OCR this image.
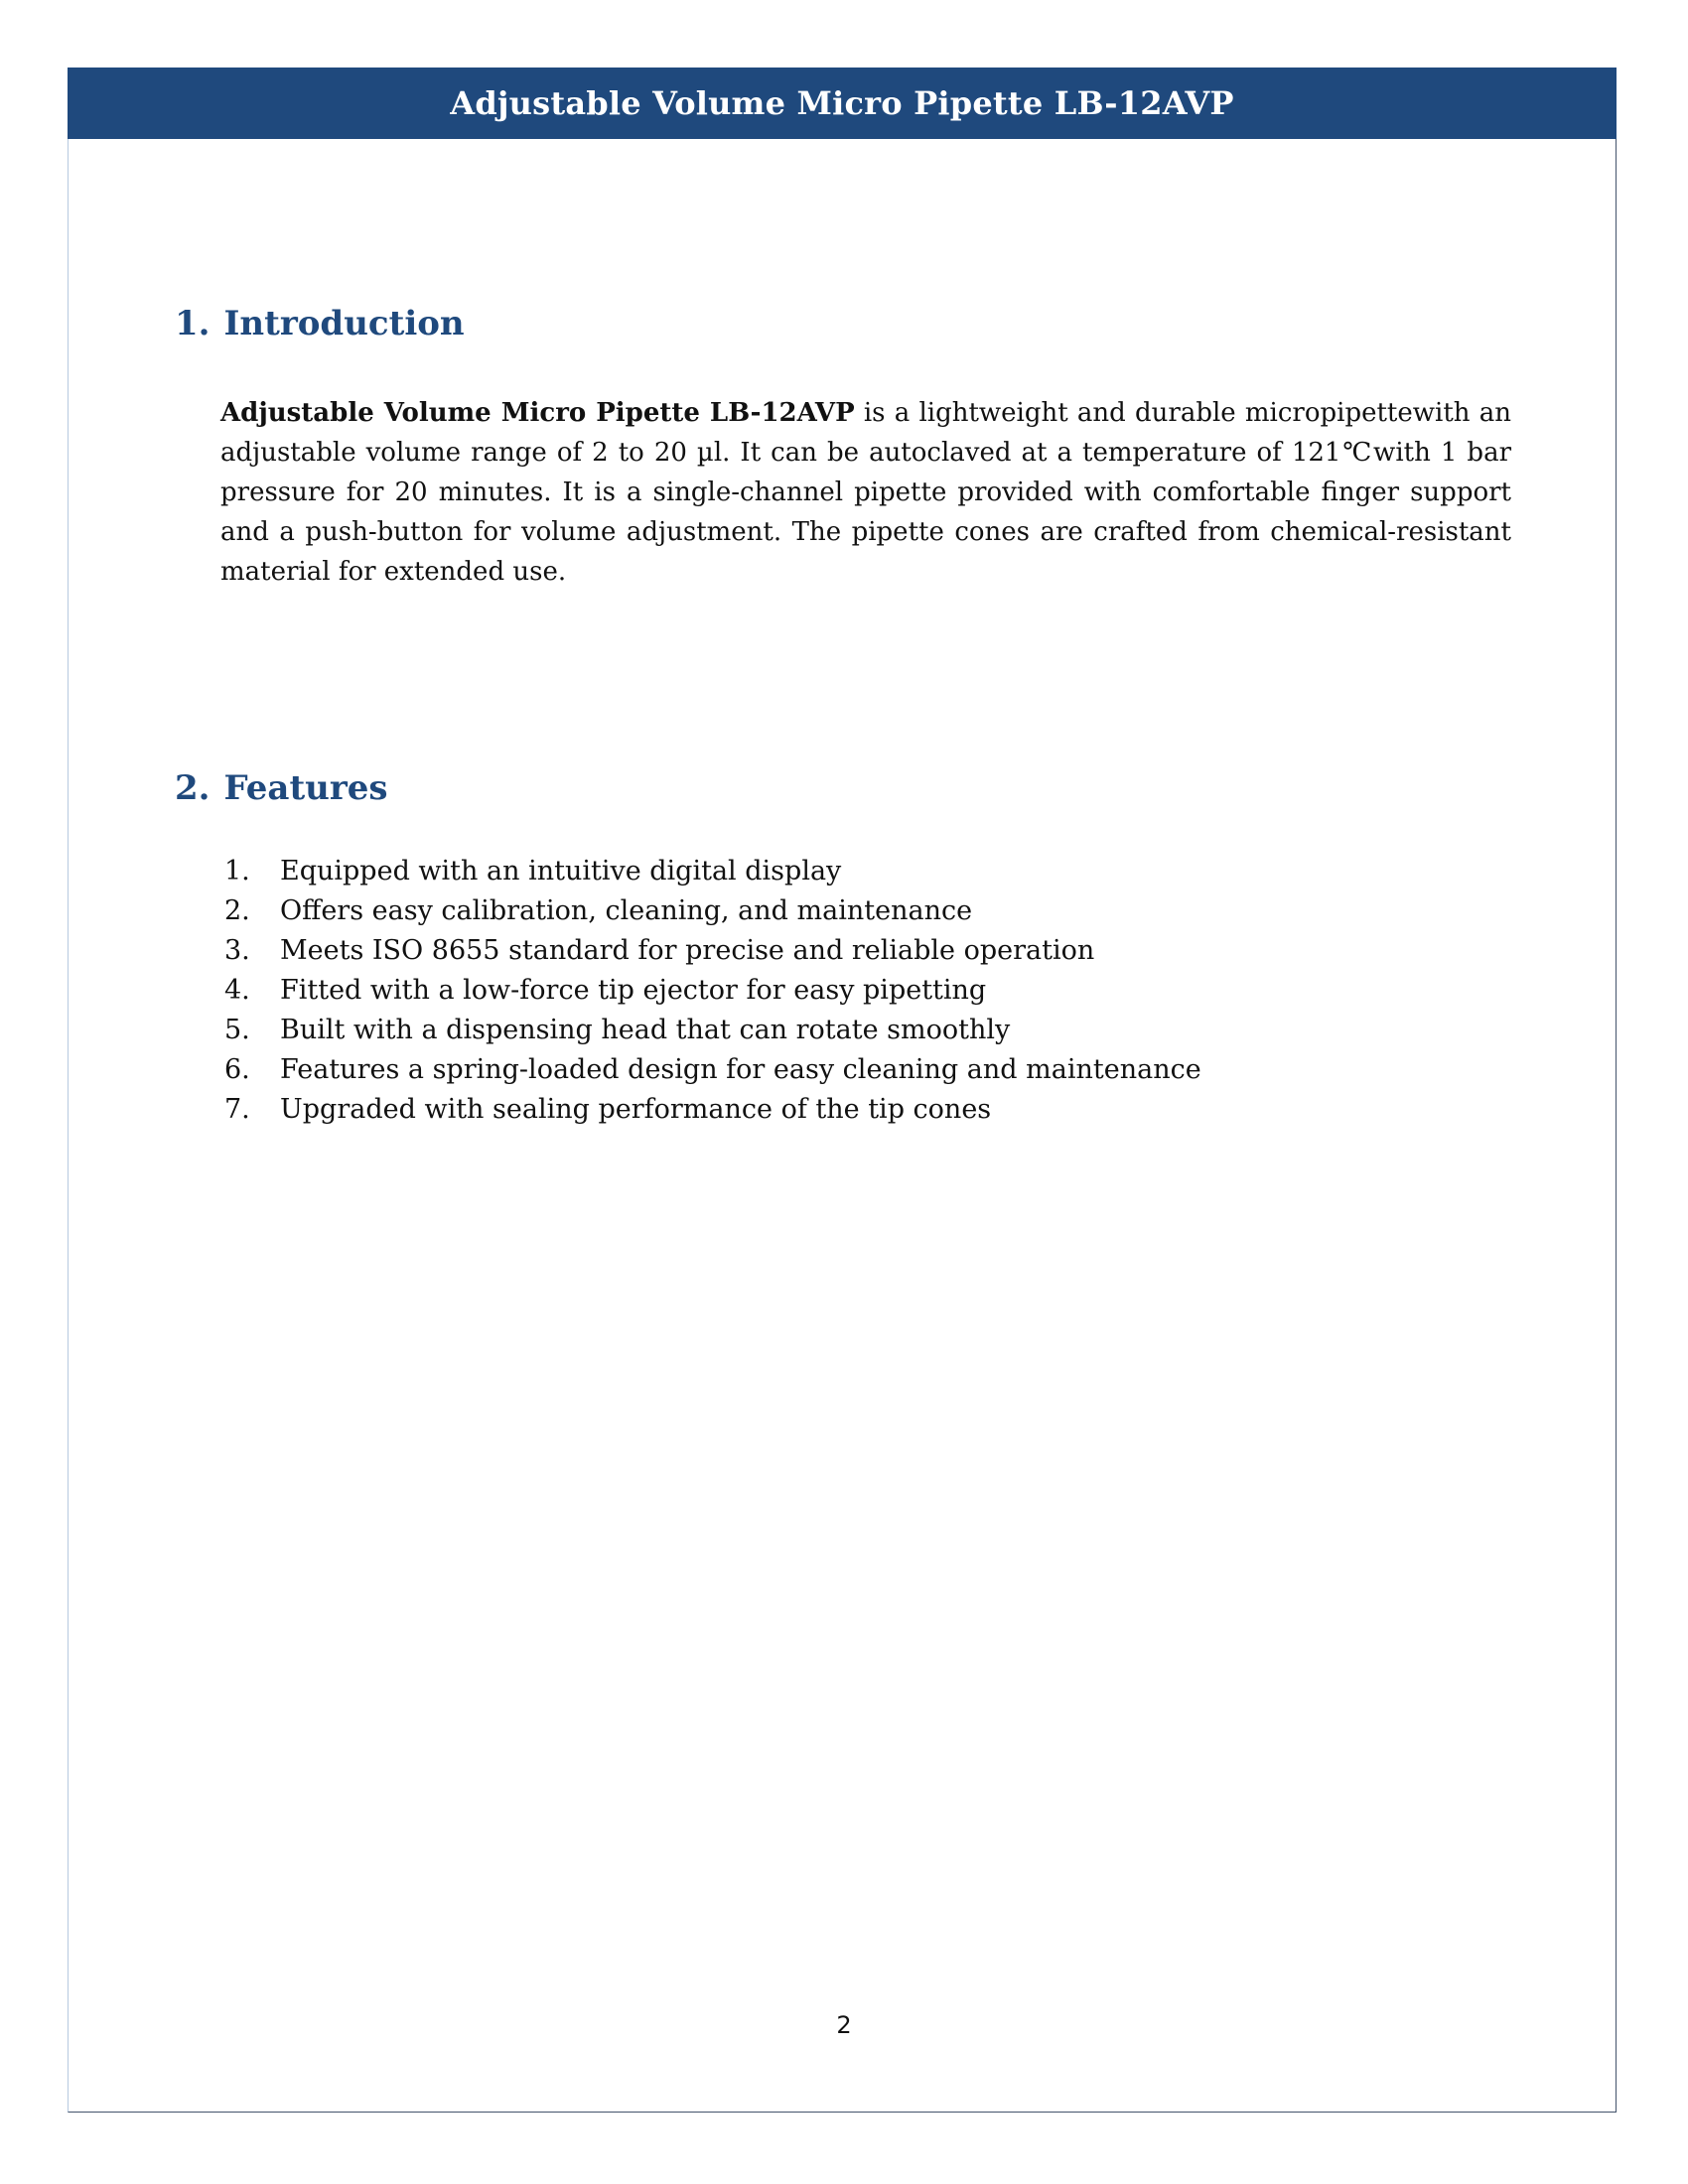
Adjustable Volume Micro Pipette LB-12AVP
1. Introduction

Adjustable Volume Micro Pipette LB-12AVP is a lightweight and durable micropipettewith an adjustable volume range of 2 to 20 µl. It can be autoclaved at a temperature of 121℃with 1 bar pressure for 20 minutes. It is a single-channel pipette provided with comfortable finger support and a push-button for volume adjustment. The pipette cones are crafted from chemical-resistant material for extended use.

2. Features
1.	Equipped with an intuitive digital display
2.	Offers easy calibration, cleaning, and maintenance
3.	Meets ISO 8655 standard for precise and reliable operation
4.	Fitted with a low-force tip ejector for easy pipetting
5.	Built with a dispensing head that can rotate smoothly
6.	Features a spring-loaded design for easy cleaning and maintenance
7.	Upgraded with sealing performance of the tip cones
2
